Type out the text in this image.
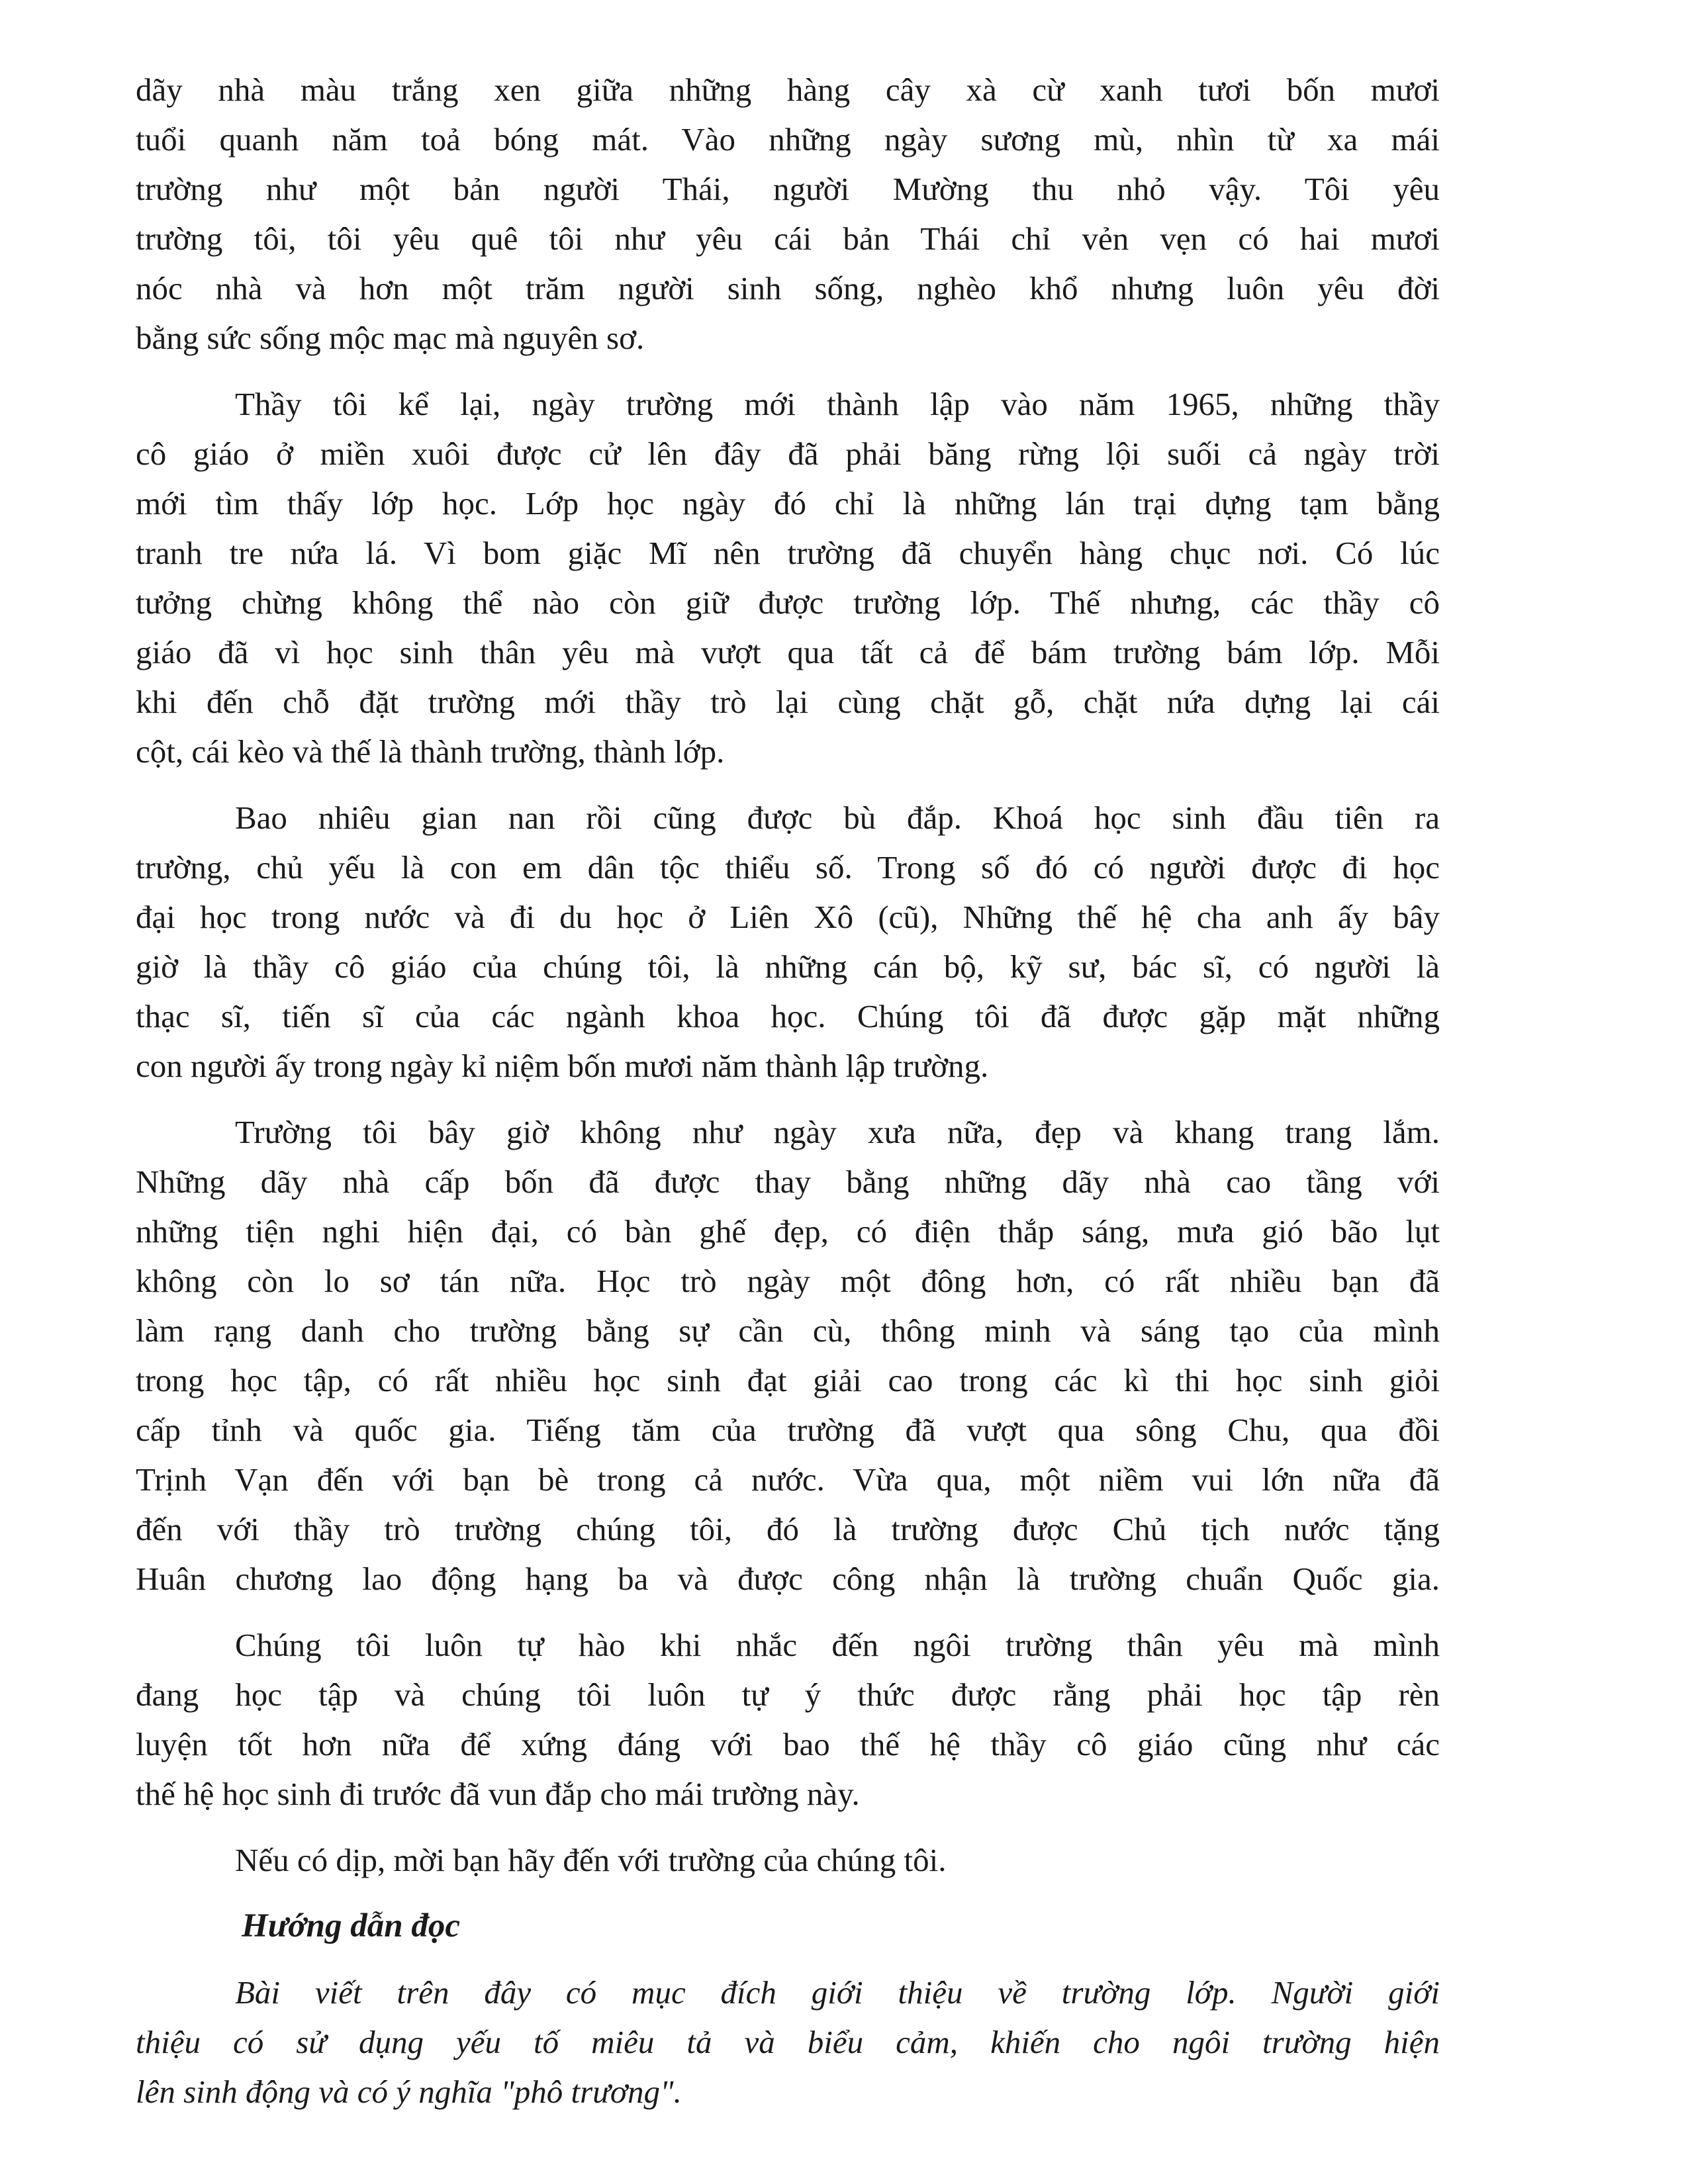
dãy nhà màu trắng xen giữa những hàng cây xà cừ xanh tươi bốn mươi
tuổi quanh năm toả bóng mát. Vào những ngày sương mù, nhìn từ xa mái
trường như một bản người Thái, người Mường thu nhỏ vậy. Tôi yêu
trường tôi, tôi yêu quê tôi như yêu cái bản Thái chỉ vẻn vẹn có hai mươi
nóc nhà và hơn một trăm người sinh sống, nghèo khổ nhưng luôn yêu đời
bằng sức sống mộc mạc mà nguyên sơ.
Thầy tôi kể lại, ngày trường mới thành lập vào năm 1965, những thầy
cô giáo ở miền xuôi được cử lên đây đã phải băng rừng lội suối cả ngày trời
mới tìm thấy lớp học. Lớp học ngày đó chỉ là những lán trại dựng tạm bằng
tranh tre nứa lá. Vì bom giặc Mĩ nên trường đã chuyển hàng chục nơi. Có lúc
tưởng chừng không thể nào còn giữ được trường lớp. Thế nhưng, các thầy cô
giáo đã vì học sinh thân yêu mà vượt qua tất cả để bám trường bám lớp. Mỗi
khi đến chỗ đặt trường mới thầy trò lại cùng chặt gỗ, chặt nứa dựng lại cái
cột, cái kèo và thế là thành trường, thành lớp.
Bao nhiêu gian nan rồi cũng được bù đắp. Khoá học sinh đầu tiên ra
trường, chủ yếu là con em dân tộc thiểu số. Trong số đó có người được đi học
đại học trong nước và đi du học ở Liên Xô (cũ), Những thế hệ cha anh ấy bây
giờ là thầy cô giáo của chúng tôi, là những cán bộ, kỹ sư, bác sĩ, có người là
thạc sĩ, tiến sĩ của các ngành khoa học. Chúng tôi đã được gặp mặt những
con người ấy trong ngày kỉ niệm bốn mươi năm thành lập trường.
Trường tôi bây giờ không như ngày xưa nữa, đẹp và khang trang lắm.
Những dãy nhà cấp bốn đã được thay bằng những dãy nhà cao tầng với
những tiện nghi hiện đại, có bàn ghế đẹp, có điện thắp sáng, mưa gió bão lụt
không còn lo sơ tán nữa. Học trò ngày một đông hơn, có rất nhiều bạn đã
làm rạng danh cho trường bằng sự cần cù, thông minh và sáng tạo của mình
trong học tập, có rất nhiều học sinh đạt giải cao trong các kì thi học sinh giỏi
cấp tỉnh và quốc gia. Tiếng tăm của trường đã vượt qua sông Chu, qua đồi
Trịnh Vạn đến với bạn bè trong cả nước. Vừa qua, một niềm vui lớn nữa đã
đến với thầy trò trường chúng tôi, đó là trường được Chủ tịch nước tặng
Huân chương lao động hạng ba và được công nhận là trường chuẩn Quốc gia.
Chúng tôi luôn tự hào khi nhắc đến ngôi trường thân yêu mà mình
đang học tập và chúng tôi luôn tự ý thức được rằng phải học tập rèn
luyện tốt hơn nữa để xứng đáng với bao thế hệ thầy cô giáo cũng như các
thế hệ học sinh đi trước đã vun đắp cho mái trường này.
Nếu có dịp, mời bạn hãy đến với trường của chúng tôi.
Hướng dẫn đọc
Bài viết trên đây có mục đích giới thiệu về trường lớp. Người giới
thiệu có sử dụng yếu tố miêu tả và biểu cảm, khiến cho ngôi trường hiện
lên sinh động và có ý nghĩa "phô trương".
